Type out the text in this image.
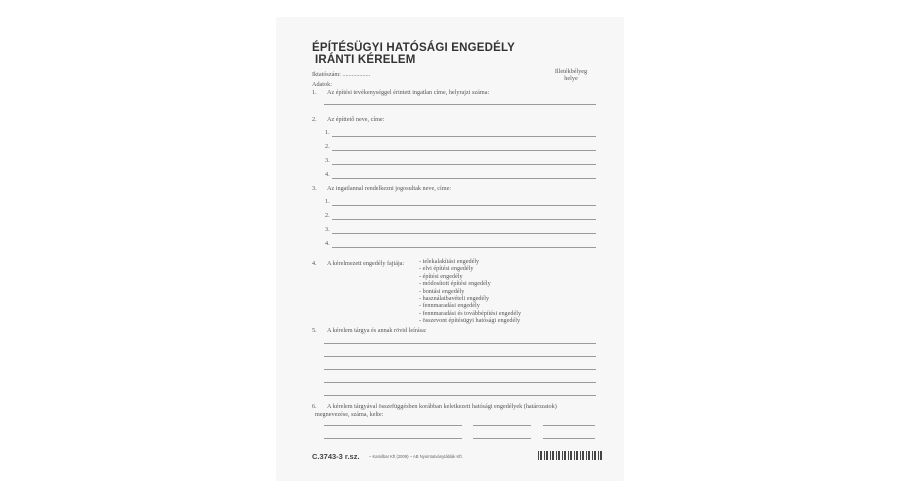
ÉPÍTÉSÜGYI HATÓSÁGI ENGEDÉLY
IRÁNTI KÉRELEM
Iktatószám: ..................	Illetékbélyeg
helye
Adatok:
1. Az építési tevékenységgel érintett ingatlan címe, helyrajzi száma:
2. Az építtető neve, címe:
1.
2.
3.
4.
3. Az ingatlannal rendelkezni jogosultak neve, címe:
1.
2.
3.
4.
4. A kérelmezett engedély fajtája: - telekalakítási engedély
- elvi építési engedély
- építési engedély
- módosított építési engedély
- bontási engedély
- használatbavételi engedély
- fennmaradási engedély
- fennmaradási és továbbépítési engedély
- összevont építésügyi hatósági engedély
5. A kérelem tárgya és annak rövid leírása:
6. A kérelem tárgyával összefüggésben korábban keletkezett hatósági engedélyek (határozatok)
megnevezése, száma, kelte:
C.3743-3 r.sz. – Kamilbar Kft (2009) – AB Nyomtatványtáblák Kft.
